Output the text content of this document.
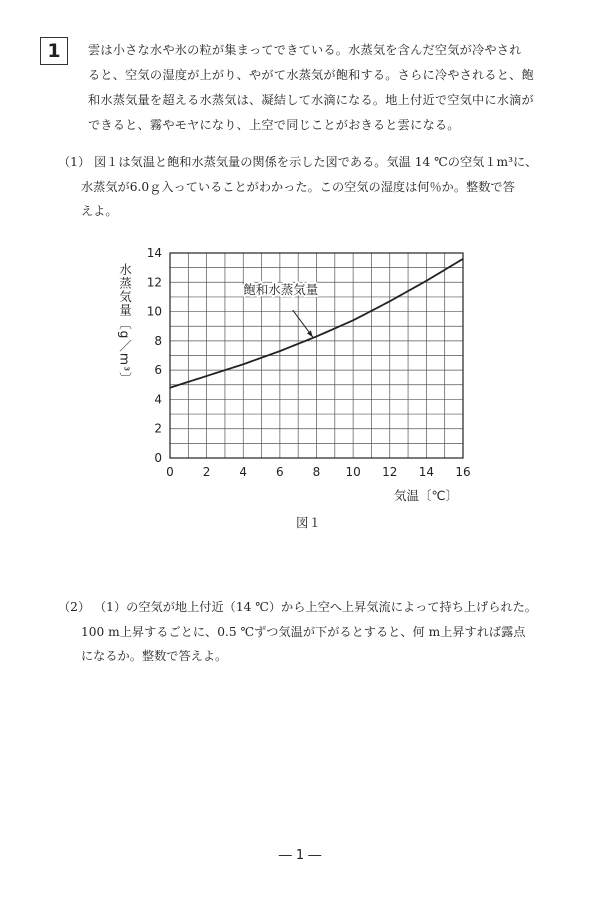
1 雲は小さな水や氷の粒が集まってできている。水蒸気を含んだ空気が冷やされ
ると、空気の湿度が上がり、やがて水蒸気が飽和する。さらに冷やされると、飽
和水蒸気量を超える水蒸気は、凝結して水滴になる。地上付近で空気中に水滴が
できると、霧やモヤになり、上空で同じことがおきると雲になる。
（1） 図１は気温と飽和水蒸気量の関係を示した図である。気温 14 ℃の空気１m³に、
水蒸気が6.0ｇ入っていることがわかった。この空気の湿度は何％か。整数で答
えよ。
0 2 4 6 8 10 12 14 16
0
2
4
6
8
10
12
14
気温〔℃〕
水蒸気量〔g／m³〕	飽和水蒸気量
図１
（2） （1）の空気が地上付近（14 ℃）から上空へ上昇気流によって持ち上げられた。
100 m上昇するごとに、0.5 ℃ずつ気温が下がるとすると、何 m上昇すれば露点
になるか。整数で答えよ。
― 1 ―
